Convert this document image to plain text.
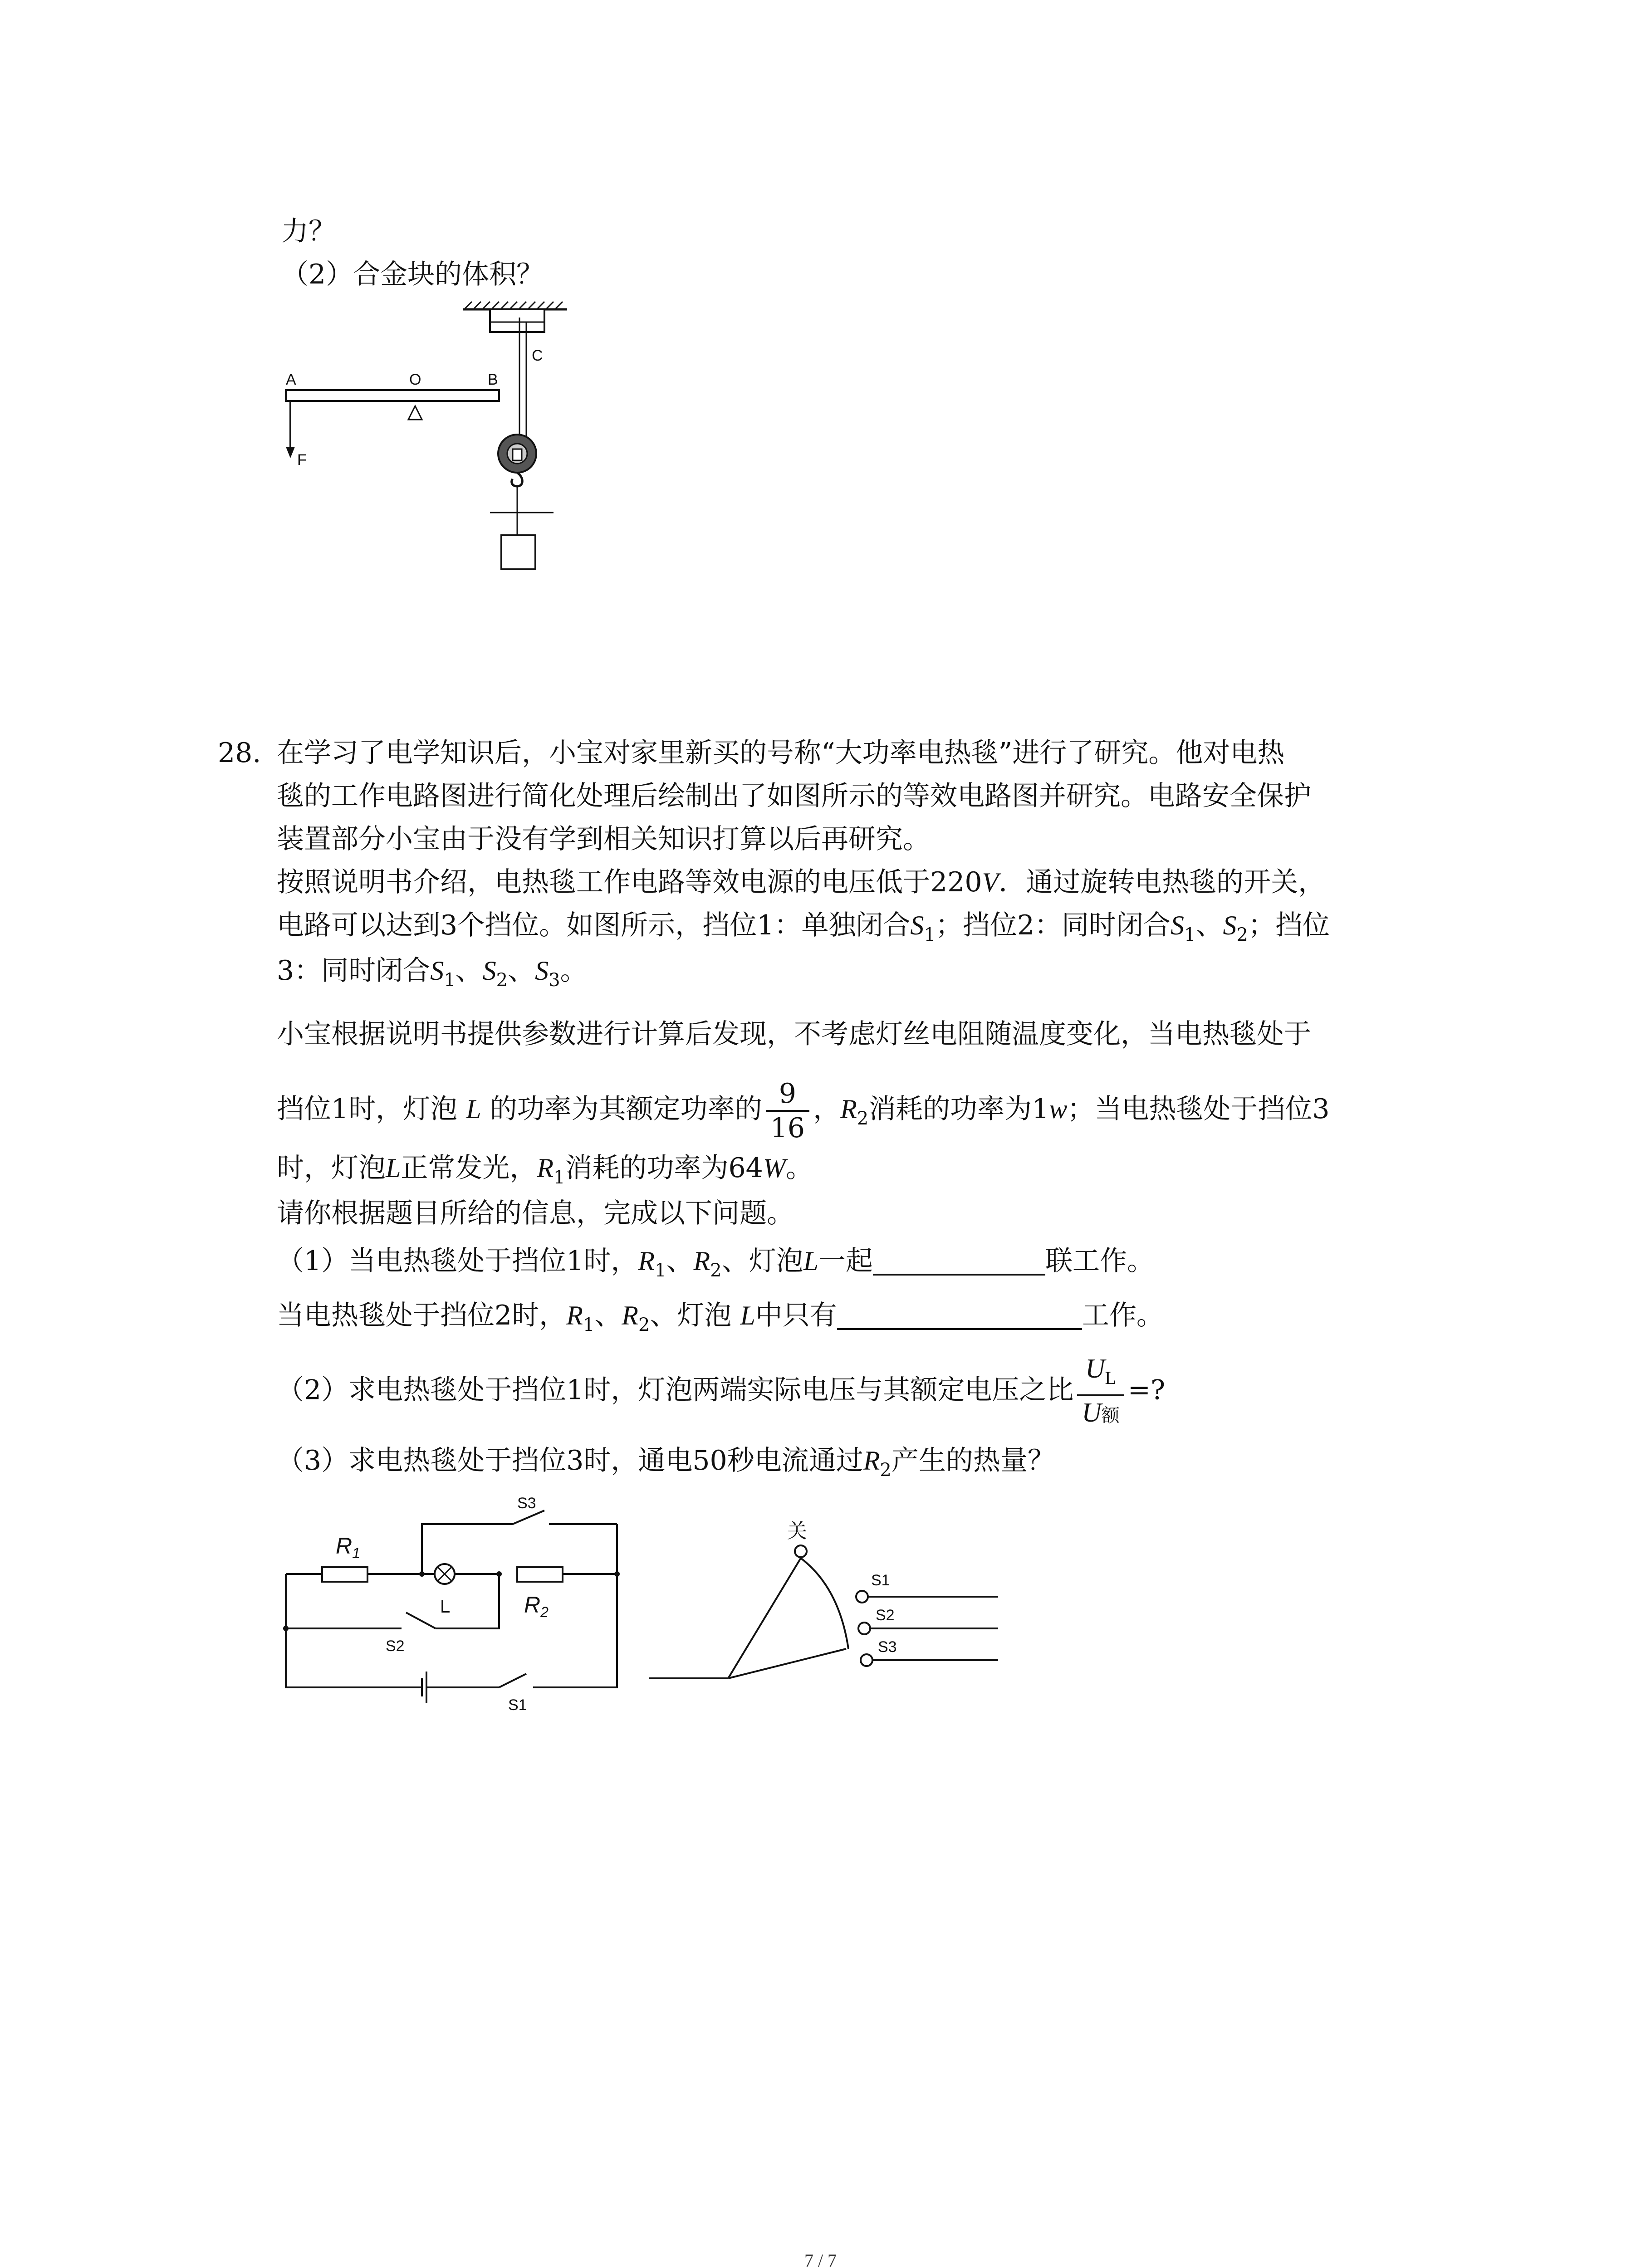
力？
（2）合金块的体积？
C
A	O	B
F
28. 在学习了电学知识后，小宝对家里新买的号称“大功率电热毯”进行了研究。他对电热
毯的工作电路图进行简化处理后绘制出了如图所示的等效电路图并研究。电路安全保护
装置部分小宝由于没有学到相关知识打算以后再研究。
按照说明书介绍，电热毯工作电路等效电源的电压低于220V．通过旋转电热毯的开关，
电路可以达到3个挡位。如图所示，挡位1：单独闭合$S_1$；挡位2：同时闭合$S_1$、$S_2$；挡位
3：同时闭合$S_1$、$S_2$、$S_3$。
小宝根据说明书提供参数进行计算后发现，不考虑灯丝电阻随温度变化，当电热毯处于
挡位1时，灯泡 L 的功率为其额定功率的 $\frac{9}{16}$ ，$R_2$消耗的功率为1w；当电热毯处于挡位3
时，灯泡L正常发光，$R_1$消耗的功率为64W。
请你根据题目所给的信息，完成以下问题。
（1）当电热毯处于挡位1时，$R_1$、$R_2$、灯泡L一起	联工作。
当电热毯处于挡位2时，$R_1$、$R_2$、灯泡 L中只有	工作。
（2）求电热毯处于挡位1时，灯泡两端实际电压与其额定电压之比 $\frac{U_L}{\text{U额}}$ =?
（3）求电热毯处于挡位3时，通电50秒电流通过$R_2$产生的热量？
$R_1$
L	$R_2$
S3
S2
S1
关
S1
S2
S3
7 / 7
